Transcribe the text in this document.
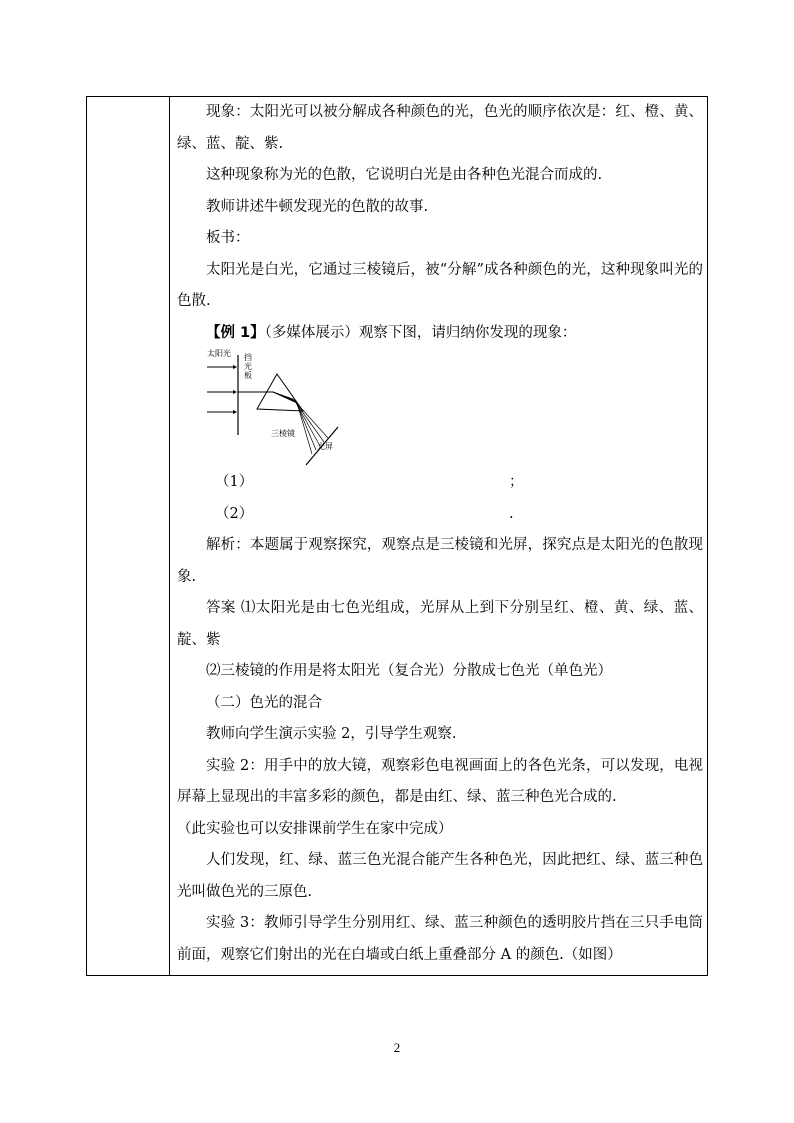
现象：太阳光可以被分解成各种颜色的光，色光的顺序依次是：红、橙、黄、绿、蓝、靛、紫.

这种现象称为光的色散，它说明白光是由各种色光混合而成的.

教师讲述牛顿发现光的色散的故事.

板书：

太阳光是白光，它通过三棱镜后，被“分解”成各种颜色的光，这种现象叫光的色散.

【例 1】（多媒体展示）观察下图，请归纳你发现的现象：

太阳光 挡
光
板
三棱镜
光屏

（1）	；

（2）	.

解析：本题属于观察探究，观察点是三棱镜和光屏，探究点是太阳光的色散现象.

答案 ⑴太阳光是由七色光组成，光屏从上到下分别呈红、橙、黄、绿、蓝、靛、紫

⑵三棱镜的作用是将太阳光（复合光）分散成七色光（单色光）

（二）色光的混合

教师向学生演示实验 2，引导学生观察.

实验 2：用手中的放大镜，观察彩色电视画面上的各色光条，可以发现，电视屏幕上显现出的丰富多彩的颜色，都是由红、绿、蓝三种色光合成的.

（此实验也可以安排课前学生在家中完成）

人们发现，红、绿、蓝三色光混合能产生各种色光，因此把红、绿、蓝三种色光叫做色光的三原色.

实验 3：教师引导学生分别用红、绿、蓝三种颜色的透明胶片挡在三只手电筒前面，观察它们射出的光在白墙或白纸上重叠部分 A 的颜色.（如图）

2
